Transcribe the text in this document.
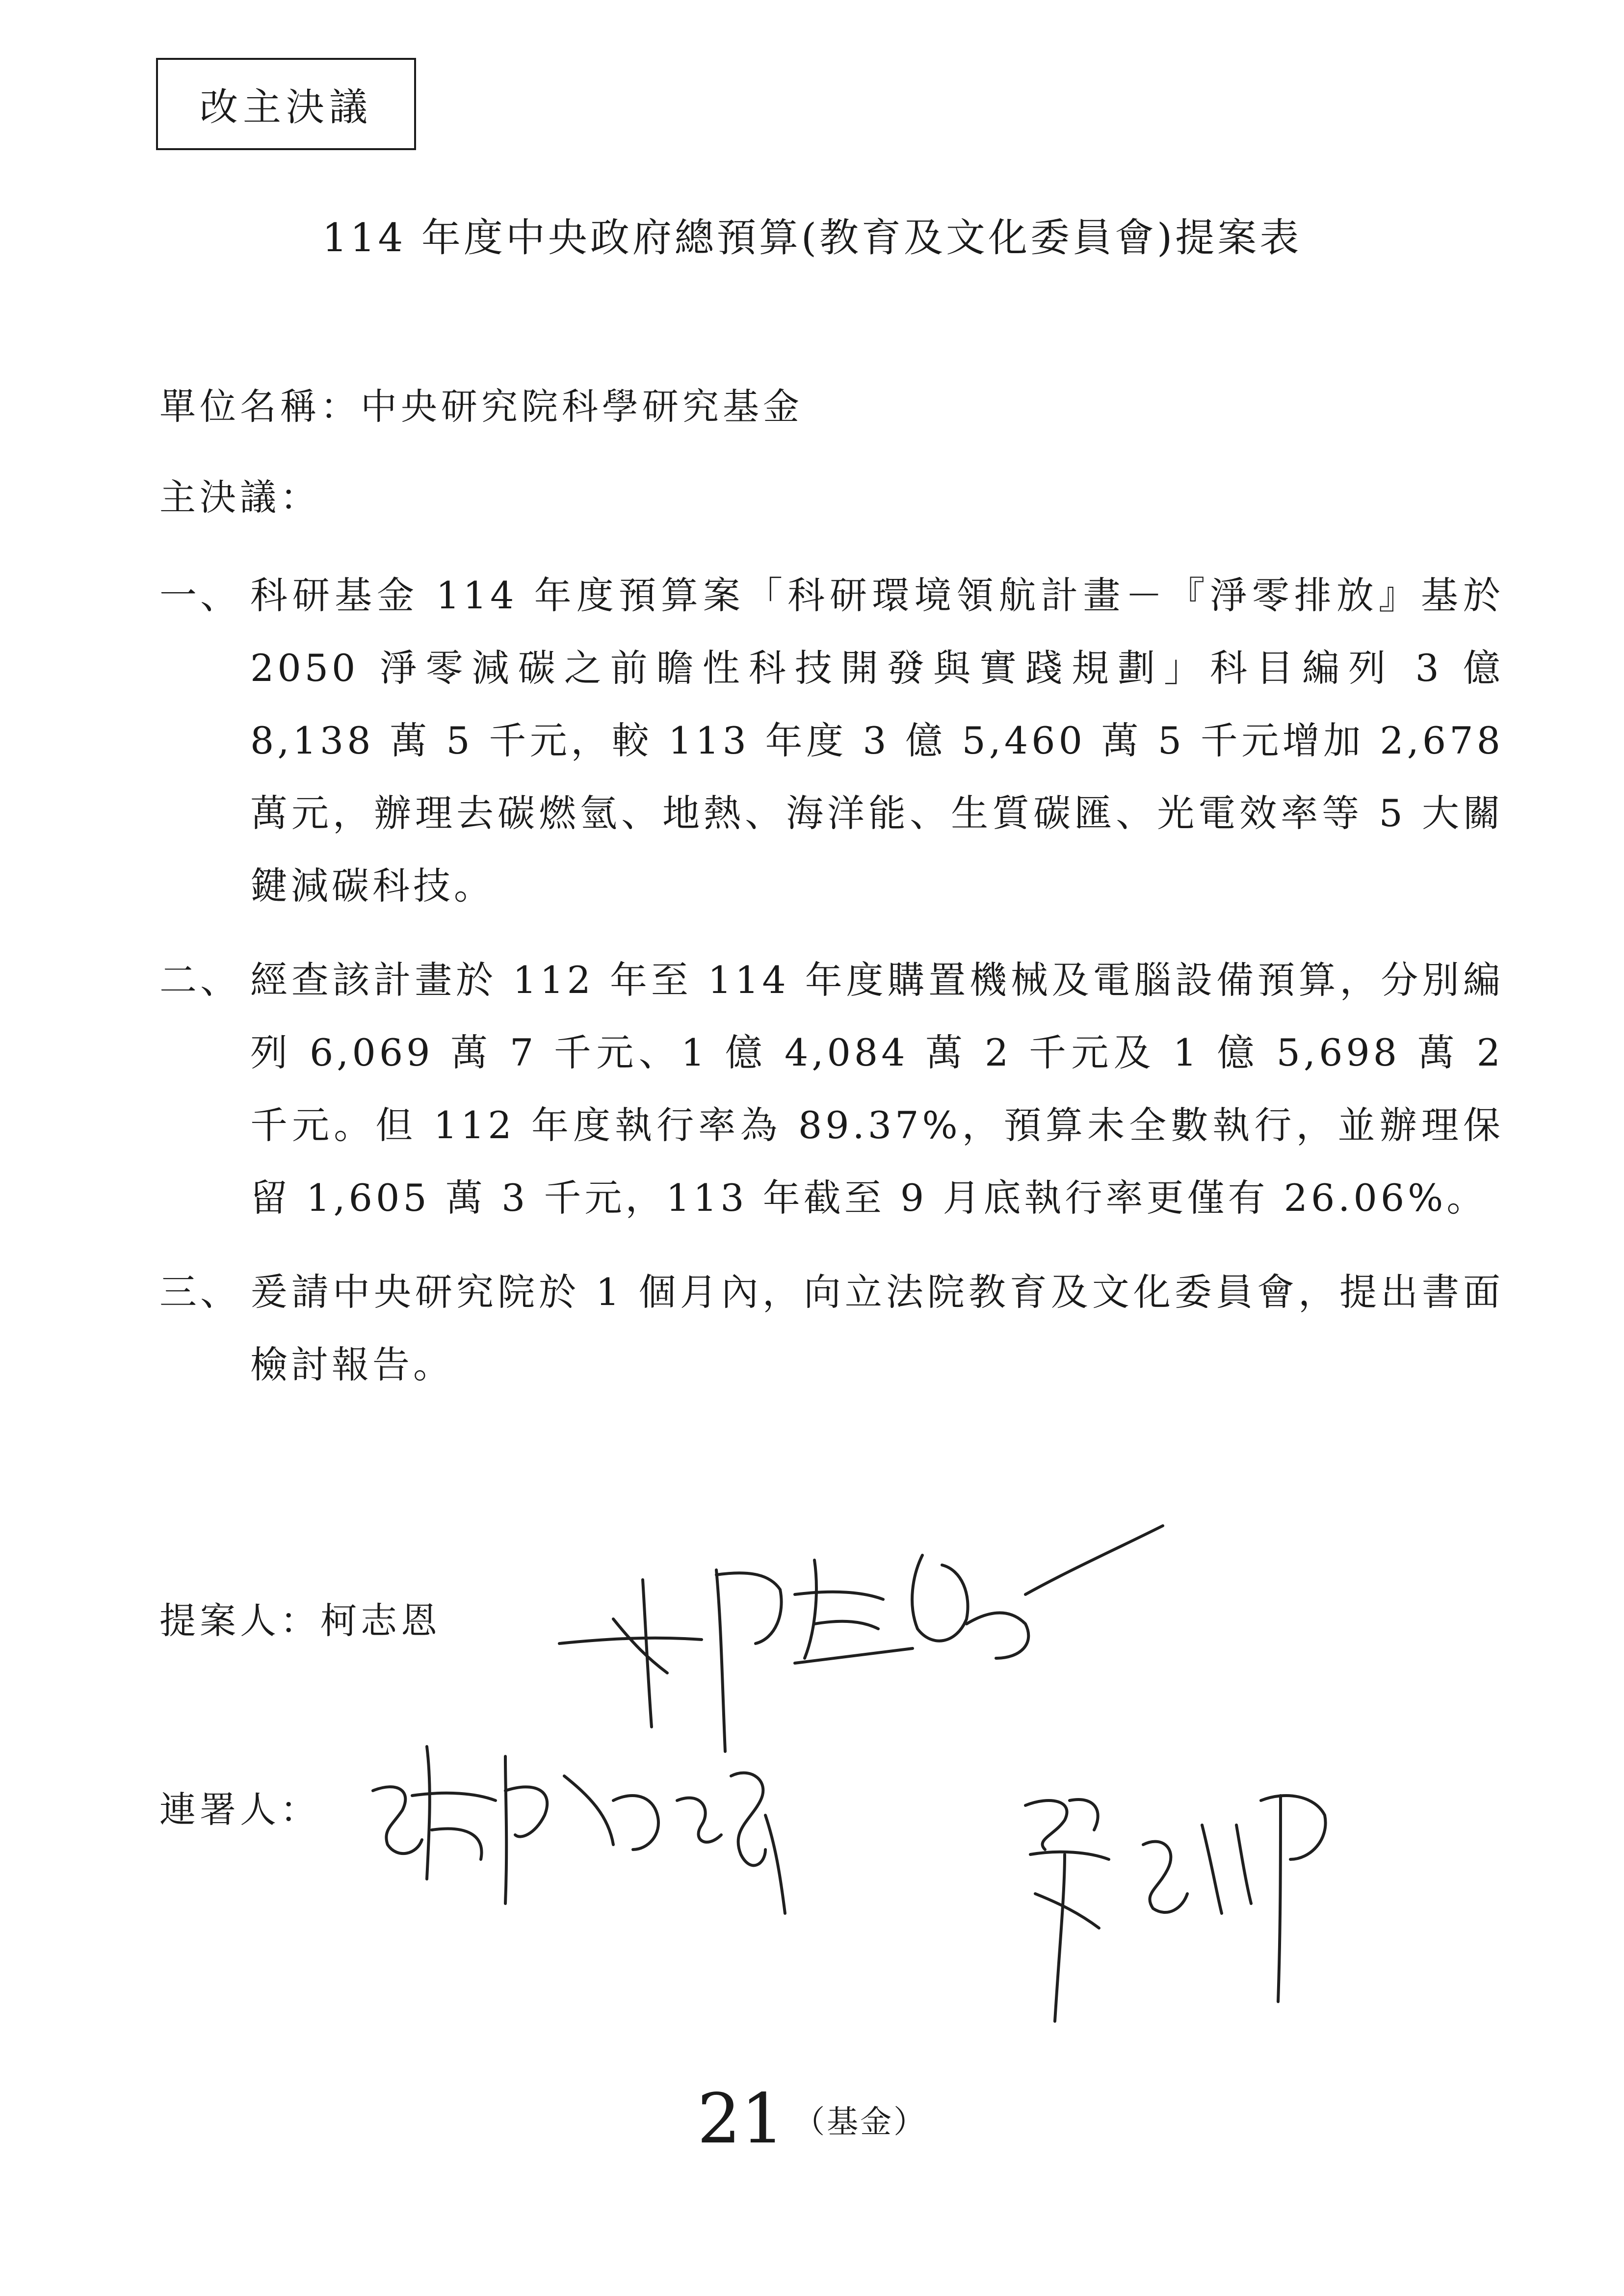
改主決議
114 年度中央政府總預算(教育及文化委員會)提案表
單位名稱：中央研究院科學研究基金
主決議：
一、 科研基金 114 年度預算案「科研環境領航計畫－『淨零排放』基於 2050 淨零減碳之前瞻性科技開發與實踐規劃」科目編列 3 億 8,138 萬 5 千元，較 113 年度 3 億 5,460 萬 5 千元增加 2,678 萬元，辦理去碳燃氫、地熱、海洋能、生質碳匯、光電效率等 5 大關鍵減碳科技。
二、 經查該計畫於 112 年至 114 年度購置機械及電腦設備預算，分別編列 6,069 萬 7 千元、1 億 4,084 萬 2 千元及 1 億 5,698 萬 2 千元。但 112 年度執行率為 89.37%，預算未全數執行，並辦理保留 1,605 萬 3 千元，113 年截至 9 月底執行率更僅有 26.06%。
三、 爰請中央研究院於 1 個月內，向立法院教育及文化委員會，提出書面檢討報告。
提案人：柯志恩
連署人：
21 $^{(基金)}$
